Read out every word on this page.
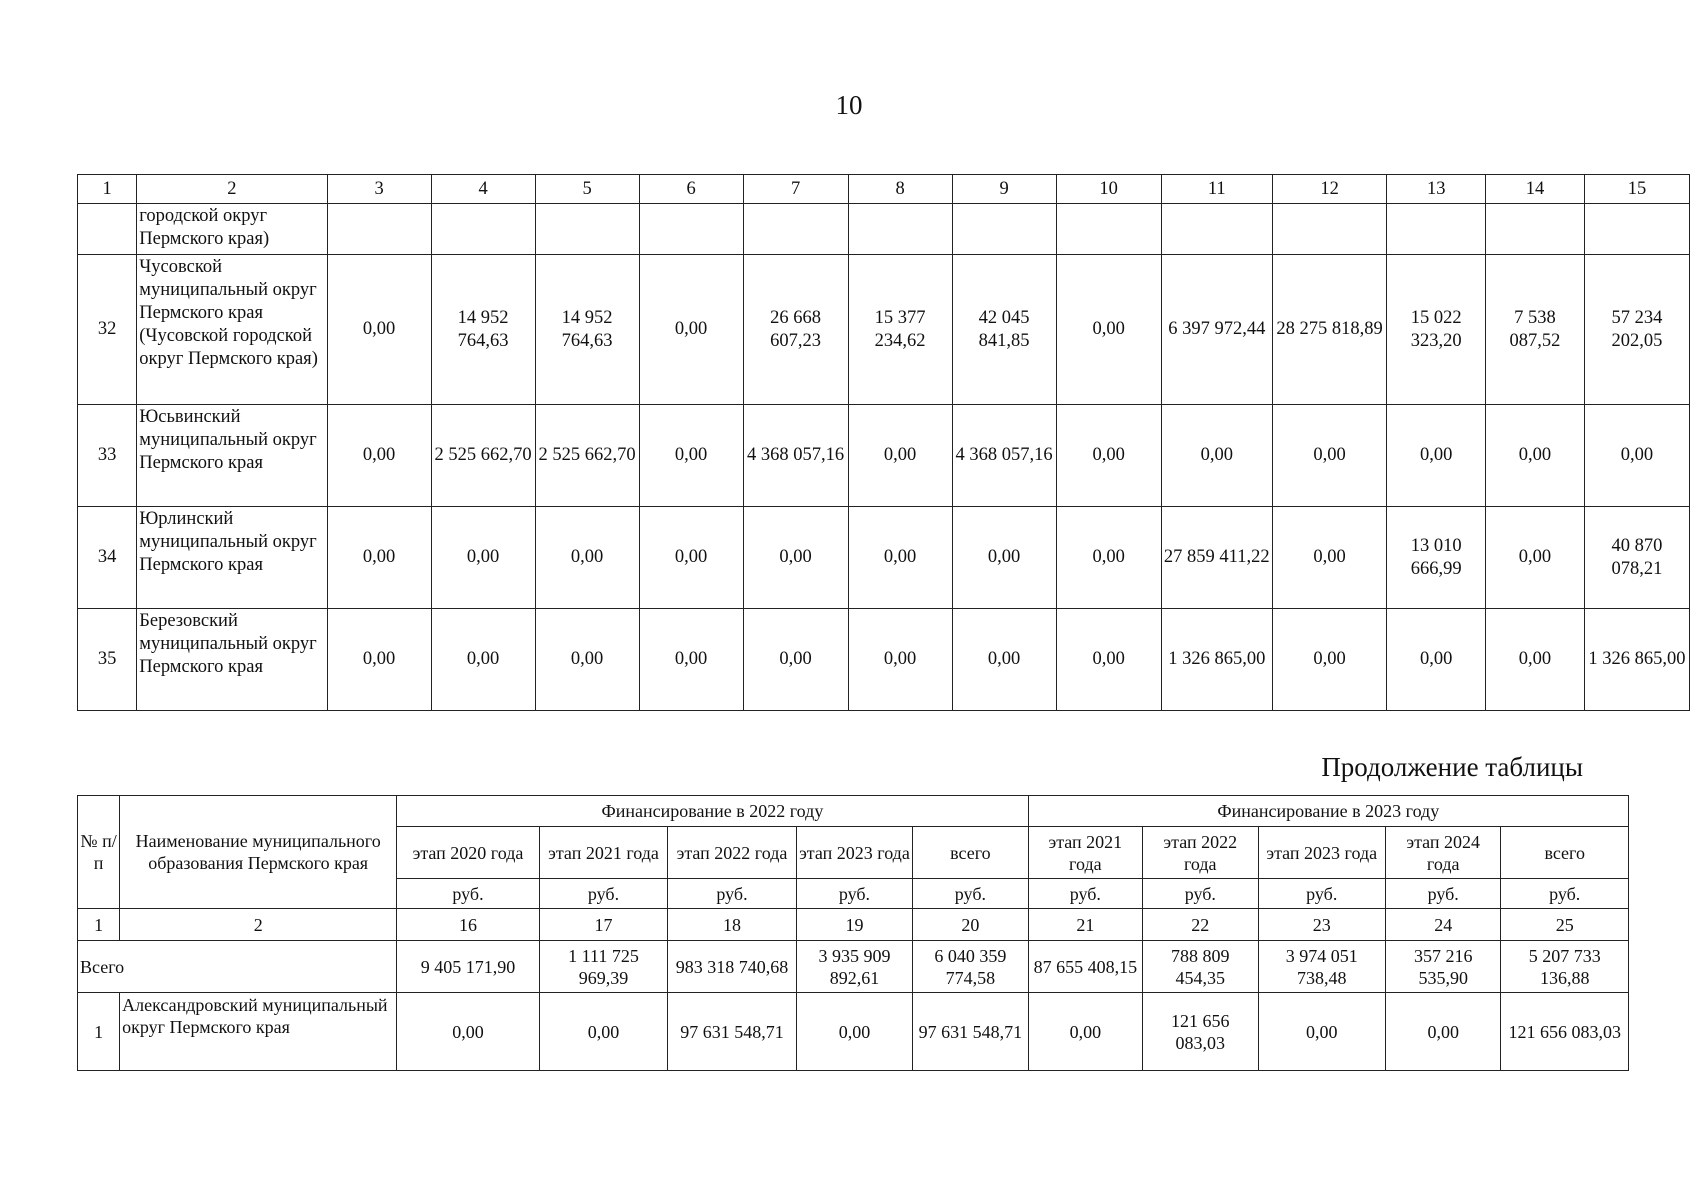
10
1	2	3	4	5	6	7	8	9	10	11	12	13	14	15
	городской округ Пермского края)													
32	Чусовской муниципальный округ Пермского края (Чусовской городской округ Пермского края)	0,00	14 952 764,63	14 952 764,63	0,00	26 668 607,23	15 377 234,62	42 045 841,85	0,00	6 397 972,44	28 275 818,89	15 022 323,20	7 538 087,52	57 234 202,05
33	Юсьвинский муниципальный округ Пермского края	0,00	2 525 662,70	2 525 662,70	0,00	4 368 057,16	0,00	4 368 057,16	0,00	0,00	0,00	0,00	0,00	0,00
34	Юрлинский муниципальный округ Пермского края	0,00	0,00	0,00	0,00	0,00	0,00	0,00	0,00	27 859 411,22	0,00	13 010 666,99	0,00	40 870 078,21
35	Березовский муниципальный округ Пермского края	0,00	0,00	0,00	0,00	0,00	0,00	0,00	0,00	1 326 865,00	0,00	0,00	0,00	1 326 865,00
Продолжение таблицы
№ п/п	Наименование муниципального образования Пермского края	Финансирование в 2022 году					Финансирование в 2023 году				
		этап 2020 года	этап 2021 года	этап 2022 года	этап 2023 года	всего	этап 2021 года	этап 2022 года	этап 2023 года	этап 2024 года	всего
		руб.	руб.	руб.	руб.	руб.	руб.	руб.	руб.	руб.	руб.
1	2	16	17	18	19	20	21	22	23	24	25
Всего		9 405 171,90	1 111 725 969,39	983 318 740,68	3 935 909 892,61	6 040 359 774,58	87 655 408,15	788 809 454,35	3 974 051 738,48	357 216 535,90	5 207 733 136,88
1	Александровский муниципальный округ Пермского края	0,00	0,00	97 631 548,71	0,00	97 631 548,71	0,00	121 656 083,03	0,00	0,00	121 656 083,03
